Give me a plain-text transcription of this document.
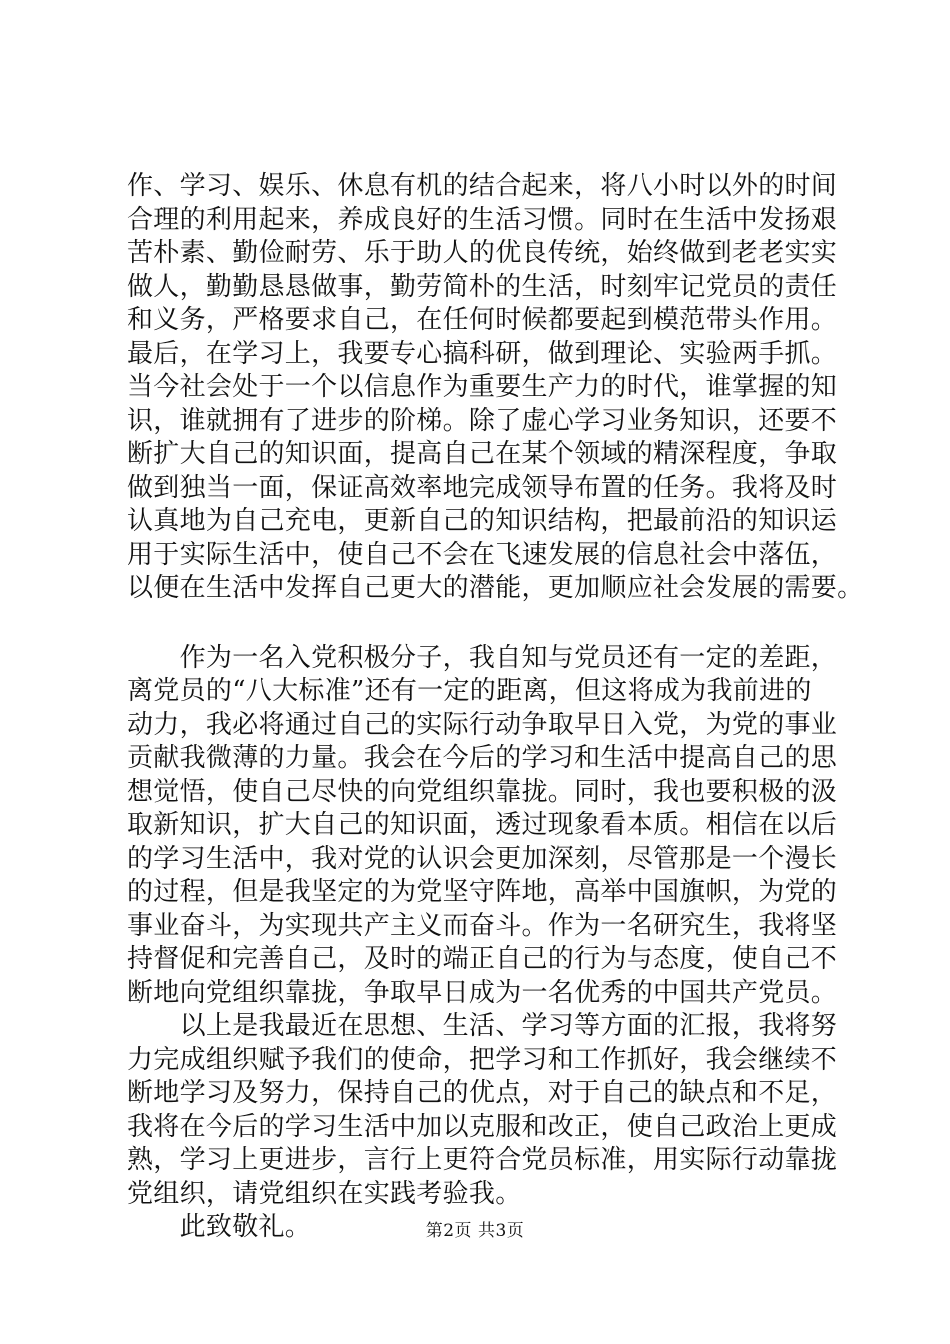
作、学习、娱乐、休息有机的结合起来，将八小时以外的时间
合理的利用起来，养成良好的生活习惯。同时在生活中发扬艰
苦朴素、勤俭耐劳、乐于助人的优良传统，始终做到老老实实
做人，勤勤恳恳做事，勤劳简朴的生活，时刻牢记党员的责任
和义务，严格要求自己，在任何时候都要起到模范带头作用。
最后，在学习上，我要专心搞科研，做到理论、实验两手抓。
当今社会处于一个以信息作为重要生产力的时代，谁掌握的知
识，谁就拥有了进步的阶梯。除了虚心学习业务知识，还要不
断扩大自己的知识面，提高自己在某个领域的精深程度，争取
做到独当一面，保证高效率地完成领导布置的任务。我将及时
认真地为自己充电，更新自己的知识结构，把最前沿的知识运
用于实际生活中，使自己不会在飞速发展的信息社会中落伍，
以便在生活中发挥自己更大的潜能，更加顺应社会发展的需要。
　　作为一名入党积极分子，我自知与党员还有一定的差距，
离党员的“八大标准”还有一定的距离，但这将成为我前进的
动力，我必将通过自己的实际行动争取早日入党，为党的事业
贡献我微薄的力量。我会在今后的学习和生活中提高自己的思
想觉悟，使自己尽快的向党组织靠拢。同时，我也要积极的汲
取新知识，扩大自己的知识面，透过现象看本质。相信在以后
的学习生活中，我对党的认识会更加深刻，尽管那是一个漫长
的过程，但是我坚定的为党坚守阵地，高举中国旗帜，为党的
事业奋斗，为实现共产主义而奋斗。作为一名研究生，我将坚
持督促和完善自己，及时的端正自己的行为与态度，使自己不
断地向党组织靠拢，争取早日成为一名优秀的中国共产党员。
　　以上是我最近在思想、生活、学习等方面的汇报，我将努
力完成组织赋予我们的使命，把学习和工作抓好，我会继续不
断地学习及努力，保持自己的优点，对于自己的缺点和不足，
我将在今后的学习生活中加以克服和改正，使自己政治上更成
熟，学习上更进步，言行上更符合党员标准，用实际行动靠拢
党组织，请党组织在实践考验我。
　　此致敬礼。	第2页 共3页
